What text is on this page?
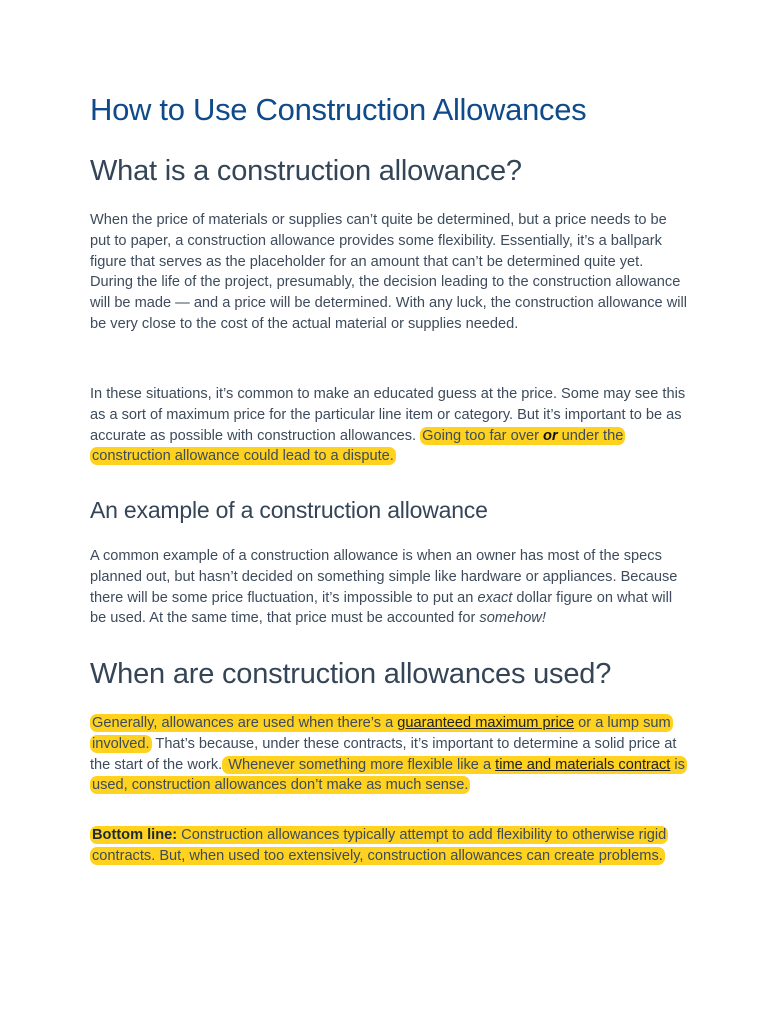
How to Use Construction Allowances
What is a construction allowance?

When the price of materials or supplies can’t quite be determined, but a price needs to be put to paper, a construction allowance provides some flexibility. Essentially, it’s a ballpark figure that serves as the placeholder for an amount that can’t be determined quite yet. During the life of the project, presumably, the decision leading to the construction allowance will be made — and a price will be determined. With any luck, the construction allowance will be very close to the cost of the actual material or supplies needed.

In these situations, it’s common to make an educated guess at the price. Some may see this as a sort of maximum price for the particular line item or category. But it’s important to be as accurate as possible with construction allowances. Going too far over or under the construction allowance could lead to a dispute.

An example of a construction allowance

A common example of a construction allowance is when an owner has most of the specs planned out, but hasn’t decided on something simple like hardware or appliances. Because there will be some price fluctuation, it’s impossible to put an exact dollar figure on what will be used. At the same time, that price must be accounted for somehow!

When are construction allowances used?

Generally, allowances are used when there’s a guaranteed maximum price or a lump sum involved. That’s because, under these contracts, it’s important to determine a solid price at the start of the work. Whenever something more flexible like a time and materials contract is used, construction allowances don’t make as much sense.

Bottom line: Construction allowances typically attempt to add flexibility to otherwise rigid contracts. But, when used too extensively, construction allowances can create problems.
